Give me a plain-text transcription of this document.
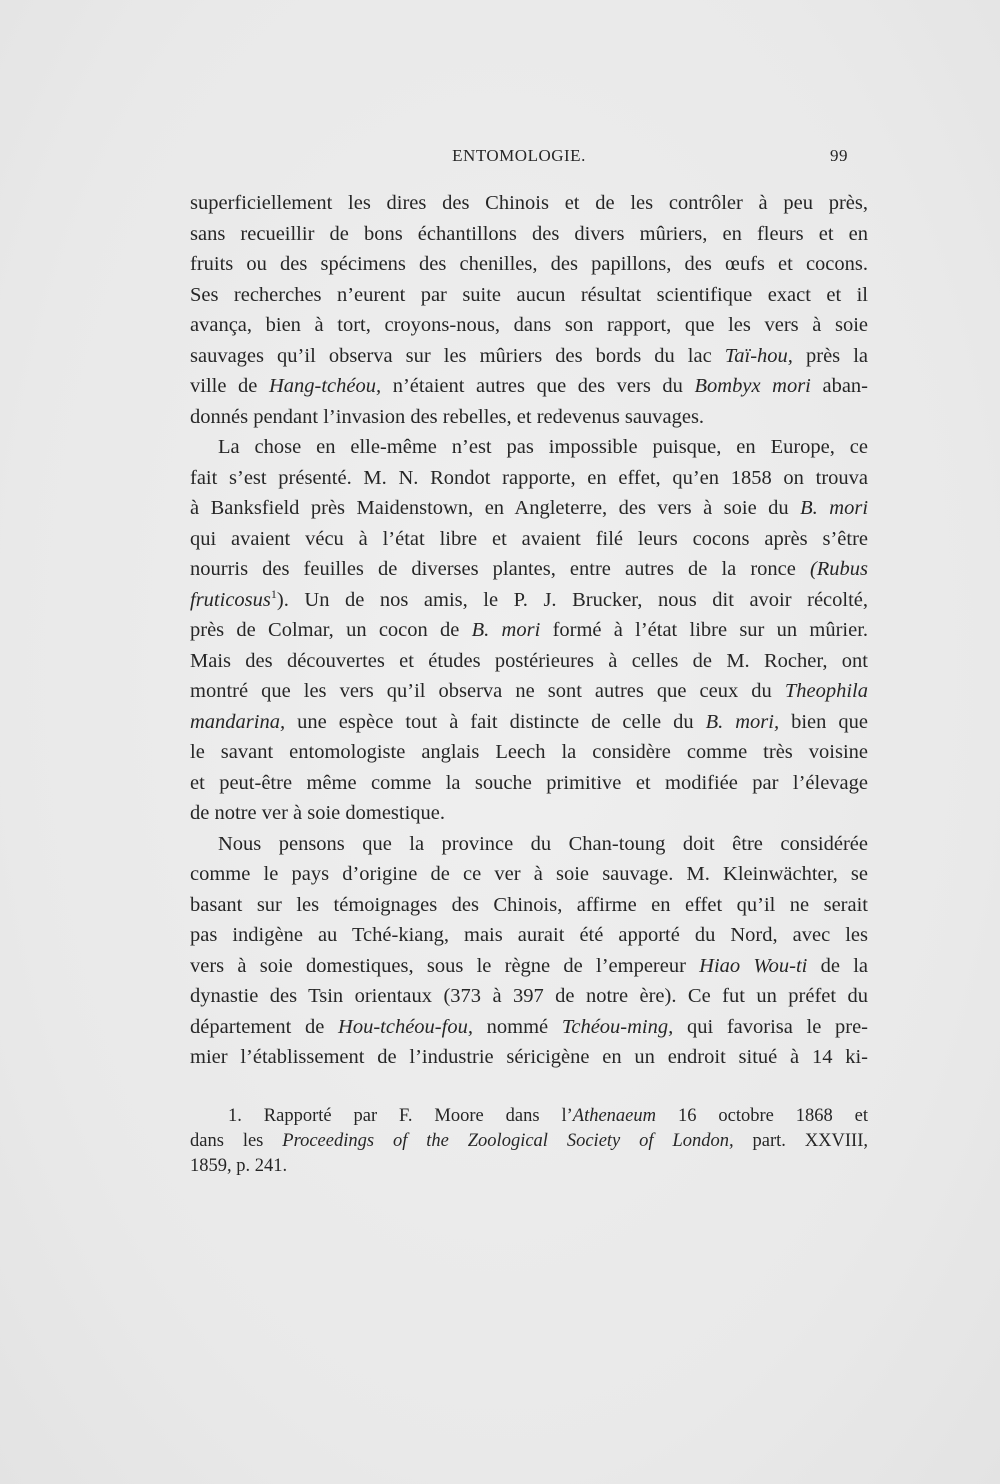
ENTOMOLOGIE.	99
superficiellement les dires des Chinois et de les contrôler à peu près,
sans recueillir de bons échantillons des divers mûriers, en fleurs et en
fruits ou des spécimens des chenilles, des papillons, des œufs et cocons.
Ses recherches n’eurent par suite aucun résultat scientifique exact et il
avança, bien à tort, croyons-nous, dans son rapport, que les vers à soie
sauvages qu’il observa sur les mûriers des bords du lac Taï-hou, près la
ville de Hang-tchéou, n’étaient autres que des vers du Bombyx mori aban-
donnés pendant l’invasion des rebelles, et redevenus sauvages.
La chose en elle-même n’est pas impossible puisque, en Europe, ce
fait s’est présenté. M. N. Rondot rapporte, en effet, qu’en 1858 on trouva
à Banksfield près Maidenstown, en Angleterre, des vers à soie du B. mori
qui avaient vécu à l’état libre et avaient filé leurs cocons après s’être
nourris des feuilles de diverses plantes, entre autres de la ronce (Rubus
fruticosus$^1$). Un de nos amis, le P. J. Brucker, nous dit avoir récolté,
près de Colmar, un cocon de B. mori formé à l’état libre sur un mûrier.
Mais des découvertes et études postérieures à celles de M. Rocher, ont
montré que les vers qu’il observa ne sont autres que ceux du Theophila
mandarina, une espèce tout à fait distincte de celle du B. mori, bien que
le savant entomologiste anglais Leech la considère comme très voisine
et peut-être même comme la souche primitive et modifiée par l’élevage
de notre ver à soie domestique.
Nous pensons que la province du Chan-toung doit être considérée
comme le pays d’origine de ce ver à soie sauvage. M. Kleinwächter, se
basant sur les témoignages des Chinois, affirme en effet qu’il ne serait
pas indigène au Tché-kiang, mais aurait été apporté du Nord, avec les
vers à soie domestiques, sous le règne de l’empereur Hiao Wou-ti de la
dynastie des Tsin orientaux (373 à 397 de notre ère). Ce fut un préfet du
département de Hou-tchéou-fou, nommé Tchéou-ming, qui favorisa le pre-
mier l’établissement de l’industrie séricigène en un endroit situé à 14 ki-
1. Rapporté par F. Moore dans l’Athenaeum 16 octobre 1868 et
dans les Proceedings of the Zoological Society of London, part. XXVIII,
1859, p. 241.
